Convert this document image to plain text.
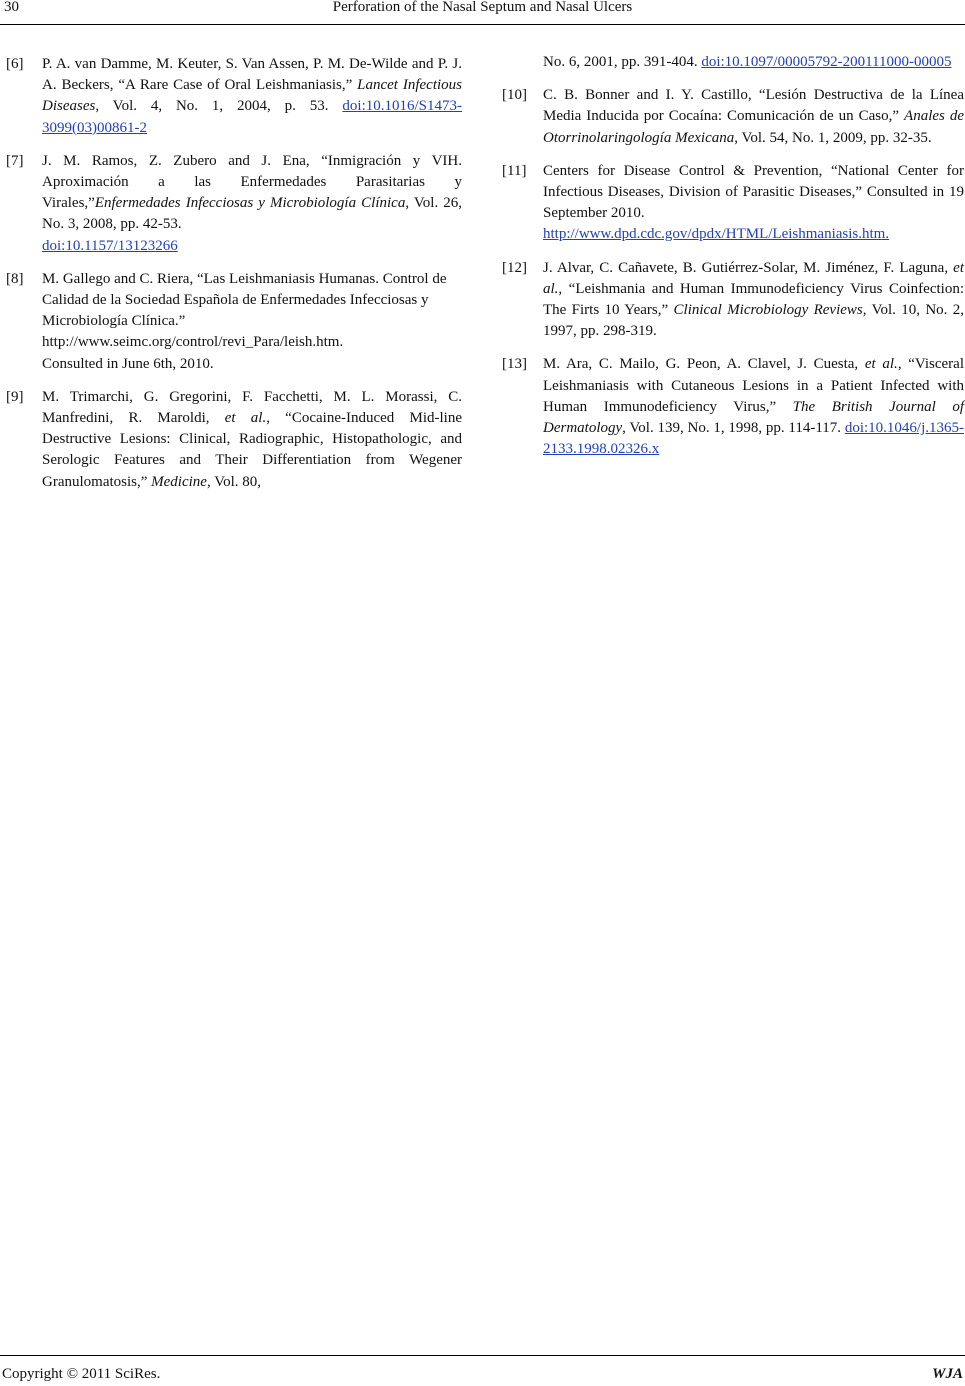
30	Perforation of the Nasal Septum and Nasal Ulcers
[6] P. A. van Damme, M. Keuter, S. Van Assen, P. M. De-Wilde and P. J. A. Beckers, “A Rare Case of Oral Leishmaniasis,” Lancet Infectious Diseases, Vol. 4, No. 1, 2004, p. 53. doi:10.1016/S1473-3099(03)00861-2
[7] J. M. Ramos, Z. Zubero and J. Ena, “Inmigración y VIH. Aproximación a las Enfermedades Parasitarias y Virales,”Enfermedades Infecciosas y Microbiología Clínica, Vol. 26, No. 3, 2008, pp. 42-53.
doi:10.1157/13123266
[8] M. Gallego and C. Riera, “Las Leishmaniasis Humanas. Control de Calidad de la Sociedad Española de Enfermedades Infecciosas y Microbiología Clínica.”
http://www.seimc.org/control/revi_Para/leish.htm.
Consulted in June 6th, 2010.
[9] M. Trimarchi, G. Gregorini, F. Facchetti, M. L. Morassi, C. Manfredini, R. Maroldi, et al., “Cocaine-Induced Mid-line Destructive Lesions: Clinical, Radiographic, Histopathologic, and Serologic Features and Their Differentiation from Wegener Granulomatosis,” Medicine, Vol. 80,
No. 6, 2001, pp. 391-404. doi:10.1097/00005792-200111000-00005
[10] C. B. Bonner and I. Y. Castillo, “Lesión Destructiva de la Línea Media Inducida por Cocaína: Comunicación de un Caso,” Anales de Otorrinolaringología Mexicana, Vol. 54, No. 1, 2009, pp. 32-35.
[11] Centers for Disease Control & Prevention, “National Center for Infectious Diseases, Division of Parasitic Diseases,” Consulted in 19 September 2010.
http://www.dpd.cdc.gov/dpdx/HTML/Leishmaniasis.htm.
[12] J. Alvar, C. Cañavete, B. Gutiérrez-Solar, M. Jiménez, F. Laguna, et al., “Leishmania and Human Immunodeficiency Virus Coinfection: The Firts 10 Years,” Clinical Microbiology Reviews, Vol. 10, No. 2, 1997, pp. 298-319.
[13] M. Ara, C. Mailo, G. Peon, A. Clavel, J. Cuesta, et al., “Visceral Leishmaniasis with Cutaneous Lesions in a Patient Infected with Human Immunodeficiency Virus,” The British Journal of Dermatology, Vol. 139, No. 1, 1998, pp. 114-117. doi:10.1046/j.1365-2133.1998.02326.x
Copyright © 2011 SciRes.	WJA
